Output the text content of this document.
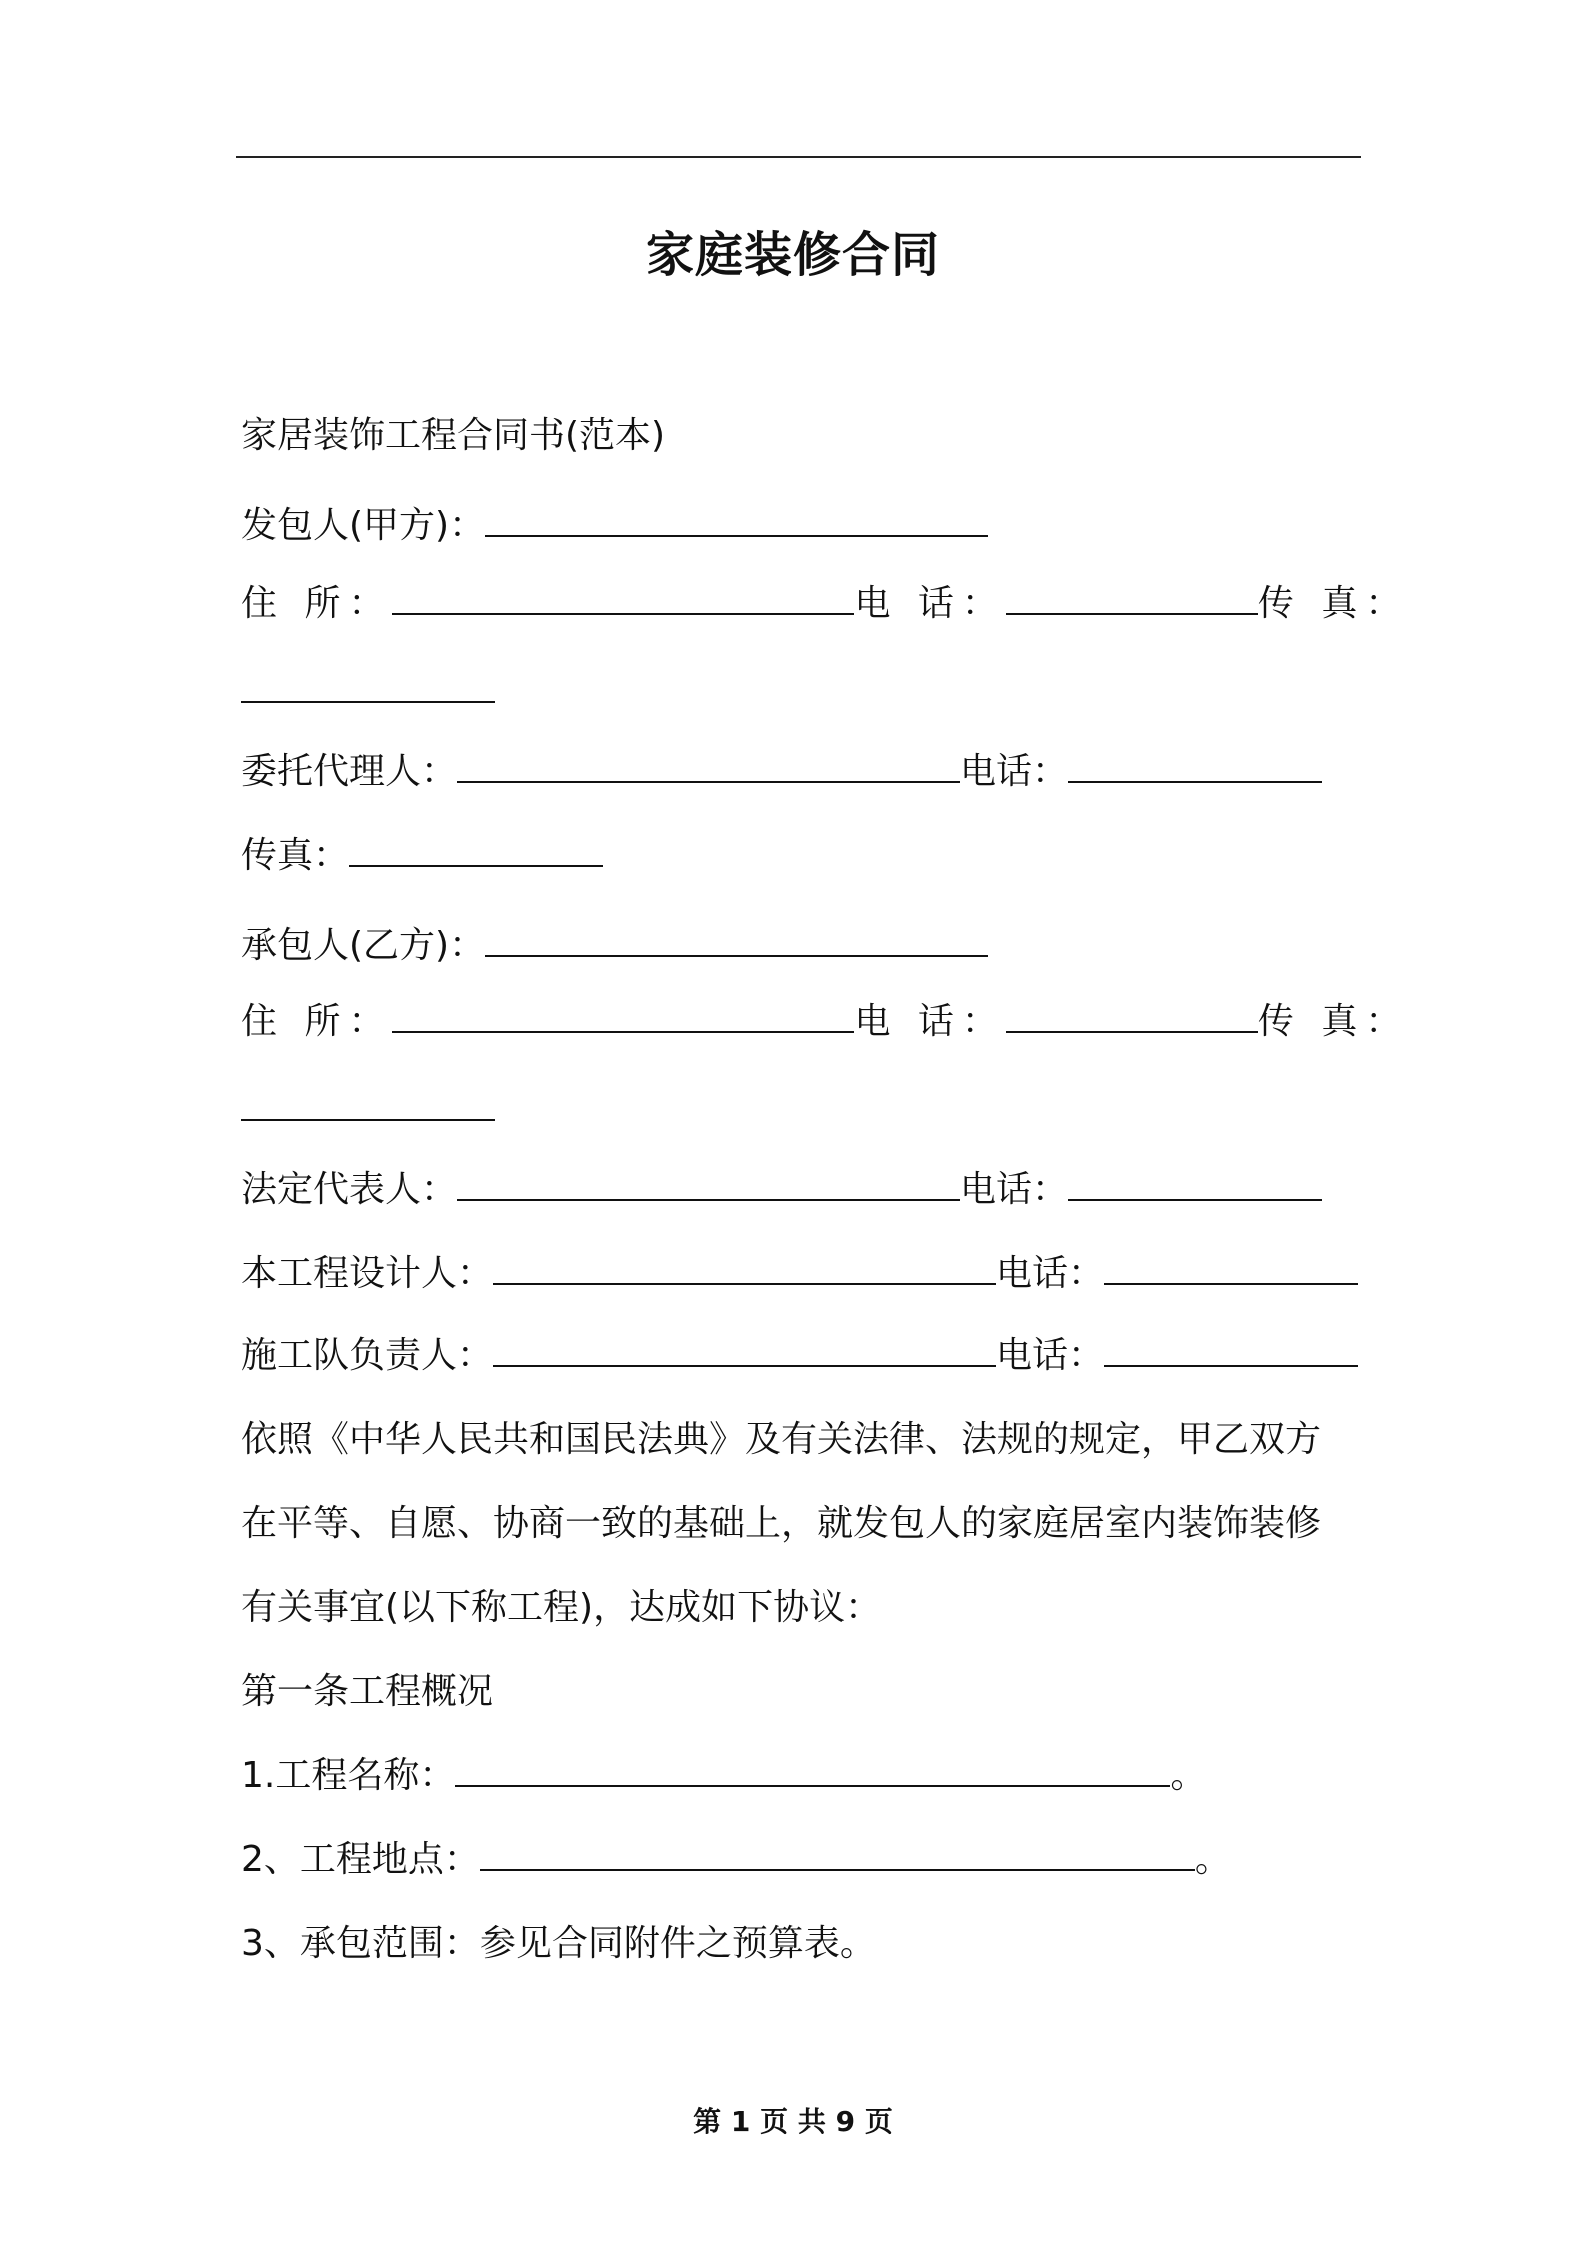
家庭装修合同
家居装饰工程合同书(范本)
发包人(甲方)：
住 所：	电 话：	传 真：
委托代理人：	电话：
传真：
承包人(乙方)：
住 所：	电 话：	传 真：
法定代表人：	电话：
本工程设计人：	电话：
施工队负责人：	电话：
依照《中华人民共和国民法典》及有关法律、法规的规定，甲乙双方
在平等、自愿、协商一致的基础上，就发包人的家庭居室内装饰装修
有关事宜(以下称工程)，达成如下协议：
第一条工程概况
1.工程名称：	。
2、工程地点：	。
3、承包范围：参见合同附件之预算表。
第 1 页 共 9 页
